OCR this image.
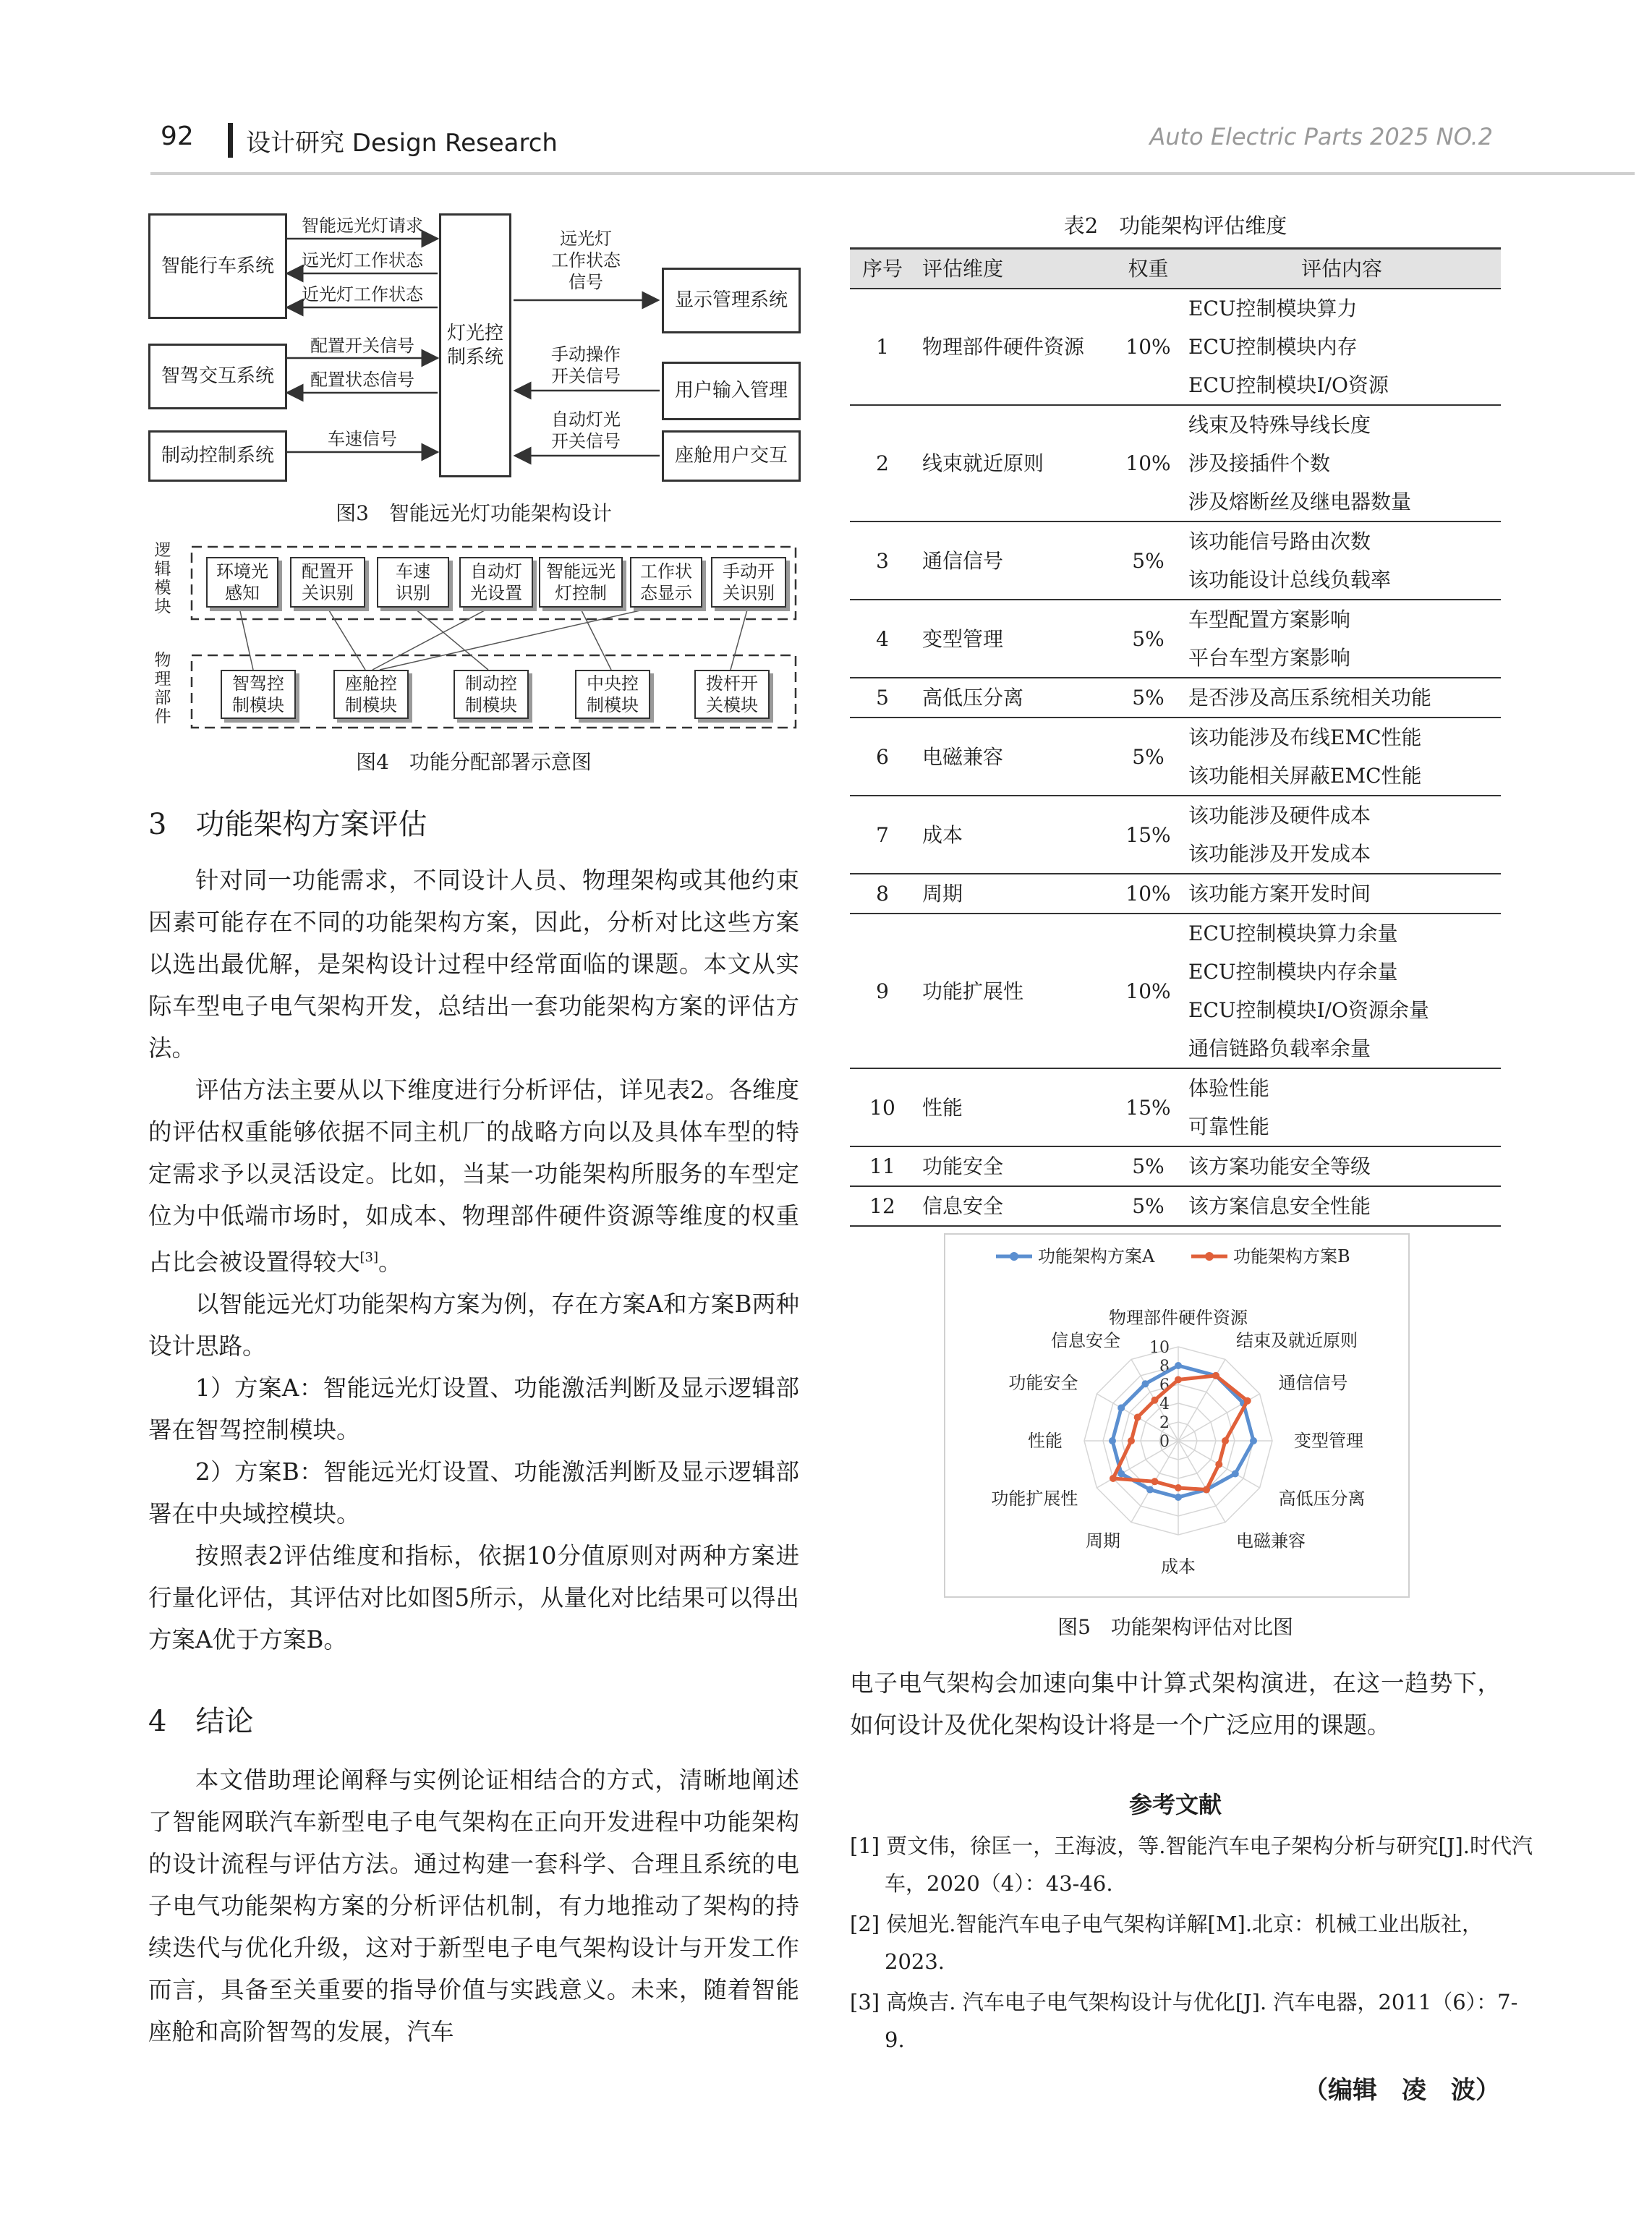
92 设计研究 Design Research	Auto Electric Parts 2025 NO.2
智能行车系统
智驾交互系统
制动控制系统
灯光控制系统
显示管理系统
用户输入管理
座舱用户交互
智能远光灯请求
远光灯工作状态
近光灯工作状态
配置开关信号
配置状态信号
车速信号
远光灯
工作状态
信号
手动操作
开关信号
自动灯光
开关信号
图3　智能远光灯功能架构设计
逻
辑
模
块
物
理
部
件
环境光
感知
配置开
关识别
车速
识别
自动灯
光设置
智能远光
灯控制
工作状
态显示
手动开
关识别
智驾控
制模块
座舱控
制模块
制动控
制模块
中央控
制模块
拨杆开
关模块
图4　功能分配部署示意图
3　功能架构方案评估

针对同一功能需求，不同设计人员、物理架构或其他约束因素可能存在不同的功能架构方案，因此，分析对比这些方案以选出最优解，是架构设计过程中经常面临的课题。本文从实际车型电子电气架构开发，总结出一套功能架构方案的评估方法。

评估方法主要从以下维度进行分析评估，详见表2。各维度的评估权重能够依据不同主机厂的战略方向以及具体车型的特定需求予以灵活设定。比如，当某一功能架构所服务的车型定位为中低端市场时，如成本、物理部件硬件资源等维度的权重占比会被设置得较大[3]。

以智能远光灯功能架构方案为例，存在方案A和方案B两种设计思路。

1）方案A：智能远光灯设置、功能激活判断及显示逻辑部署在智驾控制模块。

2）方案B：智能远光灯设置、功能激活判断及显示逻辑部署在中央域控模块。

按照表2评估维度和指标，依据10分值原则对两种方案进行量化评估，其评估对比如图5所示，从量化对比结果可以得出方案A优于方案B。

4　结论

本文借助理论阐释与实例论证相结合的方式，清晰地阐述了智能网联汽车新型电子电气架构在正向开发进程中功能架构的设计流程与评估方法。通过构建一套科学、合理且系统的电子电气功能架构方案的分析评估机制，有力地推动了架构的持续迭代与优化升级，这对于新型电子电气架构设计与开发工作而言，具备至关重要的指导价值与实践意义。未来，随着智能座舱和高阶智驾的发展，汽车

表2　功能架构评估维度
序号	评估维度	权重	评估内容
1	物理部件硬件资源	10%	ECU控制模块算力
			ECU控制模块内存
			ECU控制模块I/O资源
2	线束就近原则	10%	线束及特殊导线长度
			涉及接插件个数
			涉及熔断丝及继电器数量
3	通信信号	5%	该功能信号路由次数
			该功能设计总线负载率
4	变型管理	5%	车型配置方案影响
			平台车型方案影响
5	高低压分离	5%	是否涉及高压系统相关功能
6	电磁兼容	5%	该功能涉及布线EMC性能
			该功能相关屏蔽EMC性能
7	成本	15%	该功能涉及硬件成本
			该功能涉及开发成本
8	周期	10%	该功能方案开发时间
9	功能扩展性	10%	ECU控制模块算力余量
			ECU控制模块内存余量
			ECU控制模块I/O资源余量
			通信链路负载率余量
10	性能	15%	体验性能
			可靠性能
11	功能安全	5%	该方案功能安全等级
12	信息安全	5%	该方案信息安全性能
0
2
4
6
8
10
物理部件硬件资源
结束及就近原则
通信信号
变型管理
高低压分离
电磁兼容
成本
周期
功能扩展性
性能
功能安全
信息安全
功能架构方案A	功能架构方案B
图5　功能架构评估对比图

电子电气架构会加速向集中计算式架构演进，在这一趋势下，如何设计及优化架构设计将是一个广泛应用的课题。

参考文献
[1] 贾文伟，徐匡一，王海波，等.智能汽车电子架构分析与研究[J].时代汽车，2020（4）：43-46.
[2] 侯旭光.智能汽车电子电气架构详解[M].北京：机械工业出版社，2023.
[3] 高焕吉. 汽车电子电气架构设计与优化[J]. 汽车电器，2011（6）：7-9.
（编辑　凌　波）
